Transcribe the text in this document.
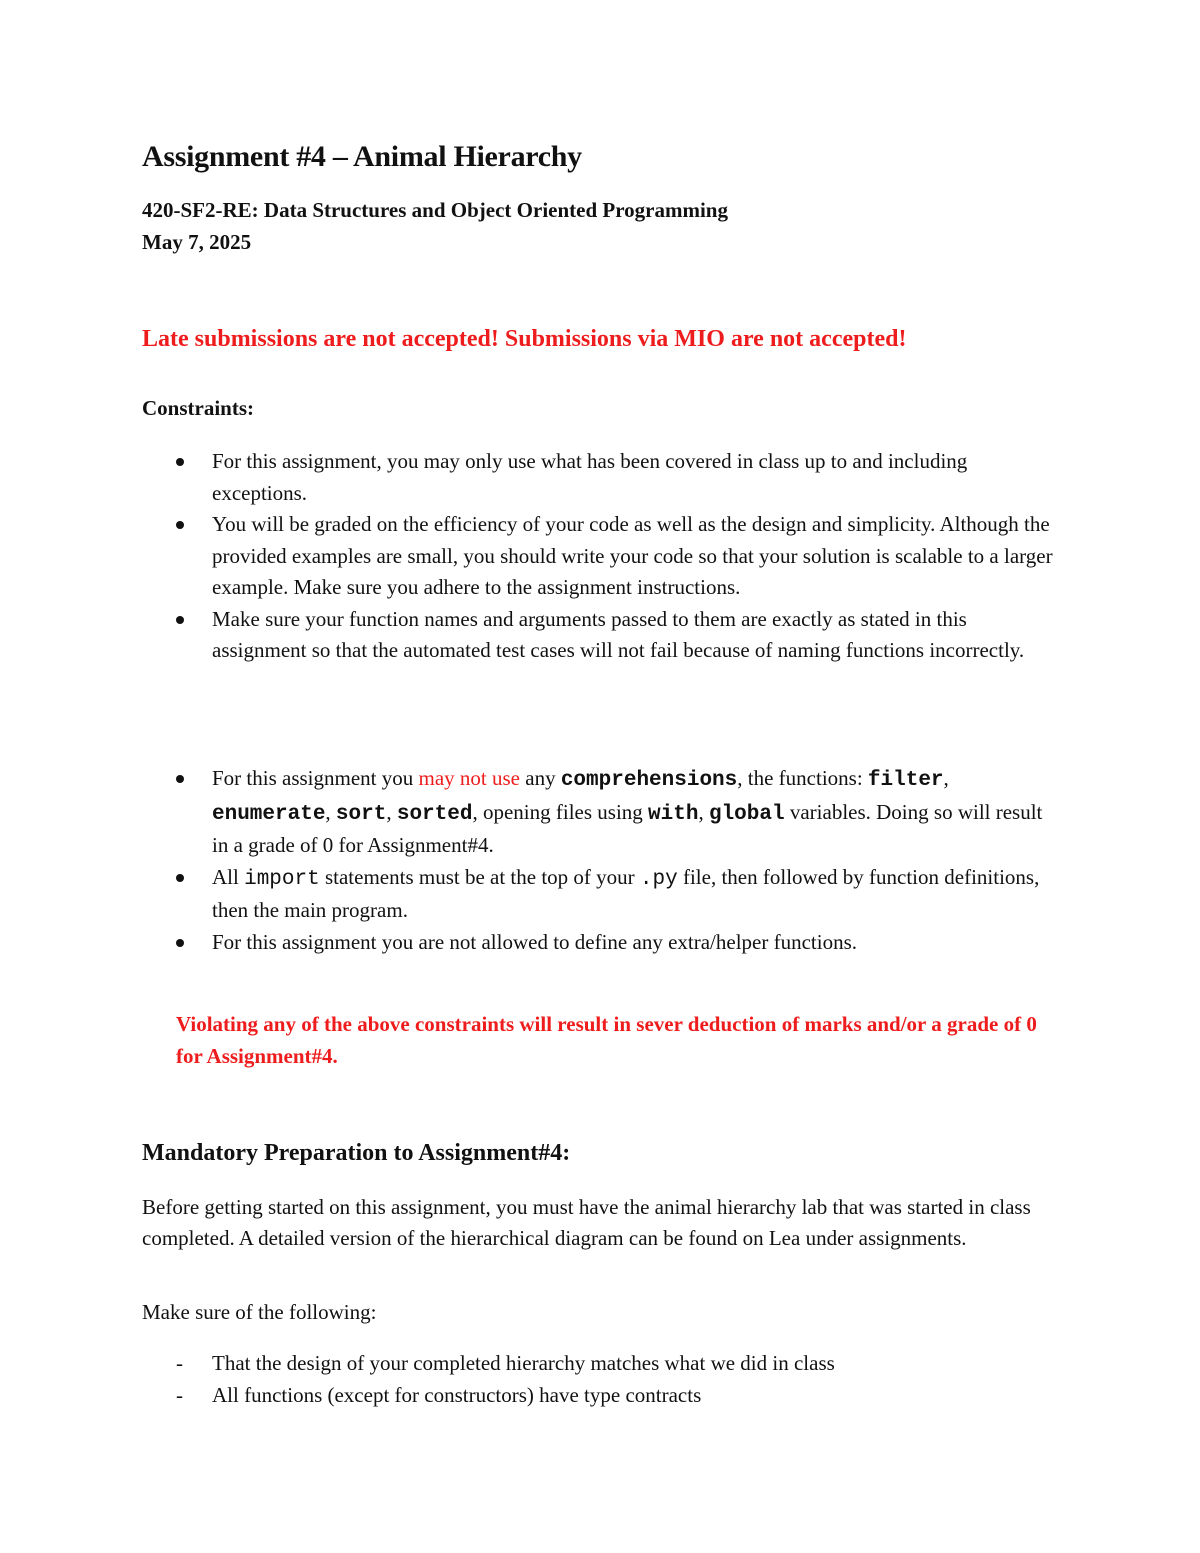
Assignment #4 – Animal Hierarchy
420-SF2-RE: Data Structures and Object Oriented Programming
May 7, 2025
Late submissions are not accepted! Submissions via MIO are not accepted!
Constraints:
For this assignment, you may only use what has been covered in class up to and including exceptions.
You will be graded on the efficiency of your code as well as the design and simplicity. Although the provided examples are small, you should write your code so that your solution is scalable to a larger example. Make sure you adhere to the assignment instructions.
Make sure your function names and arguments passed to them are exactly as stated in this assignment so that the automated test cases will not fail because of naming functions incorrectly.
For this assignment you may not use any comprehensions, the functions: filter, enumerate, sort, sorted, opening files using with, global variables. Doing so will result in a grade of 0 for Assignment#4.
All import statements must be at the top of your .py file, then followed by function definitions, then the main program.
For this assignment you are not allowed to define any extra/helper functions.
Violating any of the above constraints will result in sever deduction of marks and/or a grade of 0 for Assignment#4.
Mandatory Preparation to Assignment#4:
Before getting started on this assignment, you must have the animal hierarchy lab that was started in class completed. A detailed version of the hierarchical diagram can be found on Lea under assignments.
Make sure of the following:
- That the design of your completed hierarchy matches what we did in class
- All functions (except for constructors) have type contracts
